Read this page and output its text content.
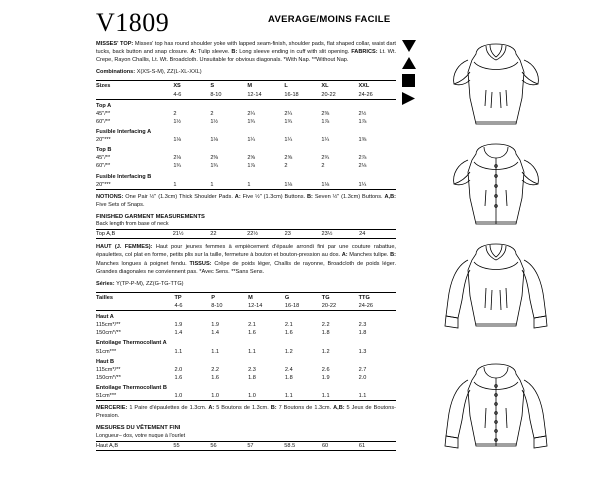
V1809	AVERAGE/MOINS FACILE

MISSES' TOP: Misses' top has round shoulder yoke with lapped seam-finish, shoulder pads, flat shaped collar, waist dart tucks, back button and snap closure. A: Tulip sleeve. B: Long sleeve ending in cuff with slit opening. FABRICS: Lt. Wt. Crepe, Rayon Challis, Lt. Wt. Broadcloth. Unsuitable for obvious diagonals. *With Nap. **Without Nap.

Combinations: X(XS-S-M), ZZ(L-XL-XXL)

Sizes	XS	S	M	L	XL	XXL
	4-6	8-10	12-14	16-18	20-22	24-26

Top A						
45"/**	2	2	2¼	2¼	2⅜	2½
60"/**	1½	1½	1¾	1¾	1⅞	1⅞
Fusible Interfacing A						
20"***	1⅛	1⅛	1¼	1¼	1¼	1⅜
Top B						
45"/**	2⅛	2⅜	2⅝	2⅝	2¾	2⅞
60"/**	1¾	1¾	1⅞	2	2	2⅛
Fusible Interfacing B						
20"***	1	1	1	1⅛	1⅛	1¼

NOTIONS: One Pair ½" (1.3cm) Thick Shoulder Pads. A: Five ½" (1.3cm) Buttons. B: Seven ½" (1.3cm) Buttons. A,B: Five Sets of Snaps.

FINISHED GARMENT MEASUREMENTS
Back length from base of neck

Top A,B	21½	22	22½	23	23½	24

HAUT (J. FEMMES): Haut pour jeunes femmes à empiècement d'épaule arrondi fini par une couture rabattue, épaulettes, col plat en forme, petits plis sur la taille, fermeture à bouton et bouton-pression au dos. A: Manches tulipe. B: Manches longues à poignet fendu. TISSUS: Crêpe de poids léger, Challis de rayonne, Broadcloth de poids léger. Grandes diagonales ne conviennent pas. *Avec Sens. **Sans Sens.

Séries: Y(TP-P-M), ZZ(G-TG-TTG)

Tailles	TP	P	M	G	TG	TTG
	4-6	8-10	12-14	16-18	20-22	24-26

Haut A						
115cm*/**	1.9	1.9	2.1	2.1	2.2	2.3
150cm*/**	1.4	1.4	1.6	1.6	1.8	1.8
Entoilage Thermocollant A						
51cm***	1.1	1.1	1.1	1.2	1.2	1.3
Haut B						
115cm*/**	2.0	2.2	2.3	2.4	2.6	2.7
150cm*/**	1.6	1.6	1.8	1.8	1.9	2.0
Entoilage Thermocollant B						
51cm***	1.0	1.0	1.0	1.1	1.1	1.1

MERCERIE: 1 Paire d'épaulettes de 1.3cm. A: 5 Boutons de 1.3cm. B: 7 Boutons de 1.3cm. A,B: 5 Jeux de Boutons-Pression.

MESURES DU VÊTEMENT FINI
Longueur– dos, votre nuque à l'ourlet

Haut A,B	55	56	57	58.5	60	61
